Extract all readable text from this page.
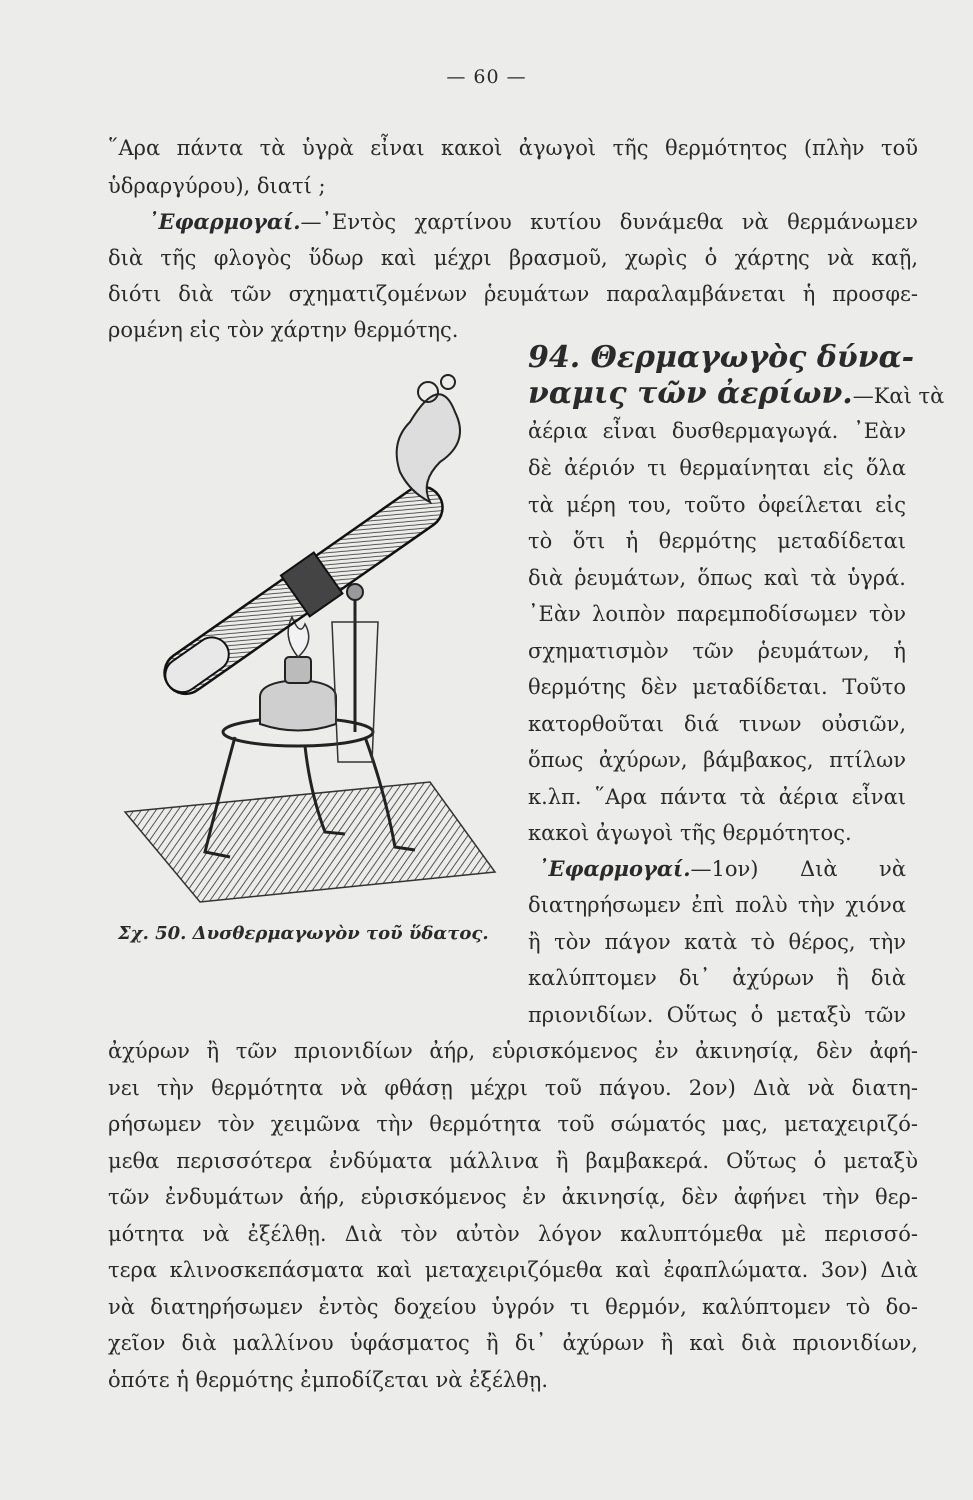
— 60 —
῞Αρα πάντα τὰ ὑγρὰ εἶναι κακοὶ ἀγωγοὶ τῆς θερμότητος (πλὴν τοῦ
ὑδραργύρου), διατί ;
᾿Εφαρμογαί.—᾿Εντὸς χαρτίνου κυτίου δυνάμεθα νὰ θερμάνωμεν
διὰ τῆς φλογὸς ὕδωρ καὶ μέχρι βρασμοῦ, χωρὶς ὁ χάρτης νὰ καῇ,
διότι διὰ τῶν σχηματιζομένων ῥευμάτων παραλαμβάνεται ἡ προσφε-
ρομένη εἰς τὸν χάρτην θερμότης.
94. Θερμαγωγὸς δύνα-
ναμις τῶν ἀερίων.—Καὶ τὰ
ἀέρια εἶναι δυσθερμαγωγά. ᾿Εὰν
δὲ ἀέριόν τι θερμαίνηται εἰς ὅλα
τὰ μέρη του, τοῦτο ὀφείλεται εἰς
τὸ ὅτι ἡ θερμότης μεταδίδεται
διὰ ῥευμάτων, ὅπως καὶ τὰ ὑγρά.
᾿Εὰν λοιπὸν παρεμποδίσωμεν τὸν
σχηματισμὸν τῶν ῥευμάτων, ἡ
θερμότης δὲν μεταδίδεται. Τοῦτο
κατορθοῦται διά τινων οὐσιῶν,
ὅπως ἀχύρων, βάμβακος, πτίλων
κ.λπ. ῞Αρα πάντα τὰ ἀέρια εἶναι
κακοὶ ἀγωγοὶ τῆς θερμότητος.
᾿Εφαρμογαί.—1ον) Διὰ νὰ
διατηρήσωμεν ἐπὶ πολὺ τὴν χιόνα
ἢ τὸν πάγον κατὰ τὸ θέρος, τὴν
καλύπτομεν δι᾿ ἀχύρων ἢ διὰ
πριονιδίων. Οὕτως ὁ μεταξὺ τῶν
ἀχύρων ἢ τῶν πριονιδίων ἀήρ, εὑρισκόμενος ἐν ἀκινησίᾳ, δὲν ἀφή-
νει τὴν θερμότητα νὰ φθάσῃ μέχρι τοῦ πάγου. 2ον) Διὰ νὰ διατη-
ρήσωμεν τὸν χειμῶνα τὴν θερμότητα τοῦ σώματός μας, μεταχειριζό-
μεθα περισσότερα ἐνδύματα μάλλινα ἢ βαμβακερά. Οὕτως ὁ μεταξὺ
τῶν ἐνδυμάτων ἀήρ, εὑρισκόμενος ἐν ἀκινησίᾳ, δὲν ἀφήνει τὴν θερ-
μότητα νὰ ἐξέλθῃ. Διὰ τὸν αὐτὸν λόγον καλυπτόμεθα μὲ περισσό-
τερα κλινοσκεπάσματα καὶ μεταχειριζόμεθα καὶ ἐφαπλώματα. 3ον) Διὰ
νὰ διατηρήσωμεν ἐντὸς δοχείου ὑγρόν τι θερμόν, καλύπτομεν τὸ δο-
χεῖον διὰ μαλλίνου ὑφάσματος ἢ δι᾿ ἀχύρων ἢ καὶ διὰ πριονιδίων,
ὁπότε ἡ θερμότης ἐμποδίζεται νὰ ἐξέλθῃ.
Σχ. 50. Δυσθερμαγωγὸν τοῦ ὕδατος.
